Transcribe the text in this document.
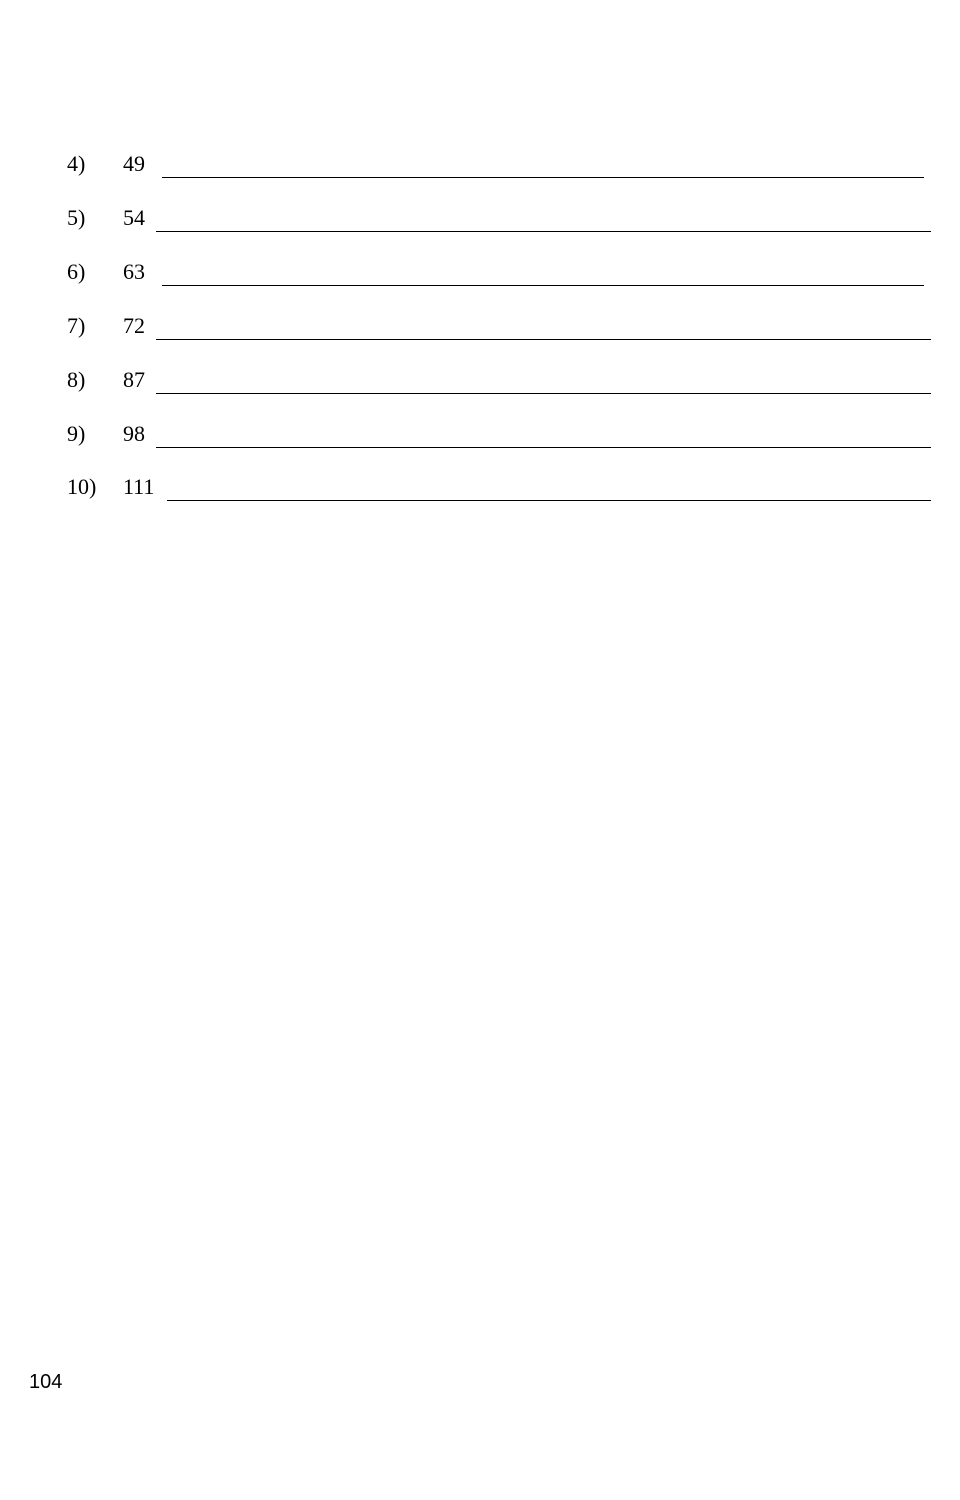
4) 49
5) 54
6) 63
7) 72
8) 87
9) 98
10) 111
104
